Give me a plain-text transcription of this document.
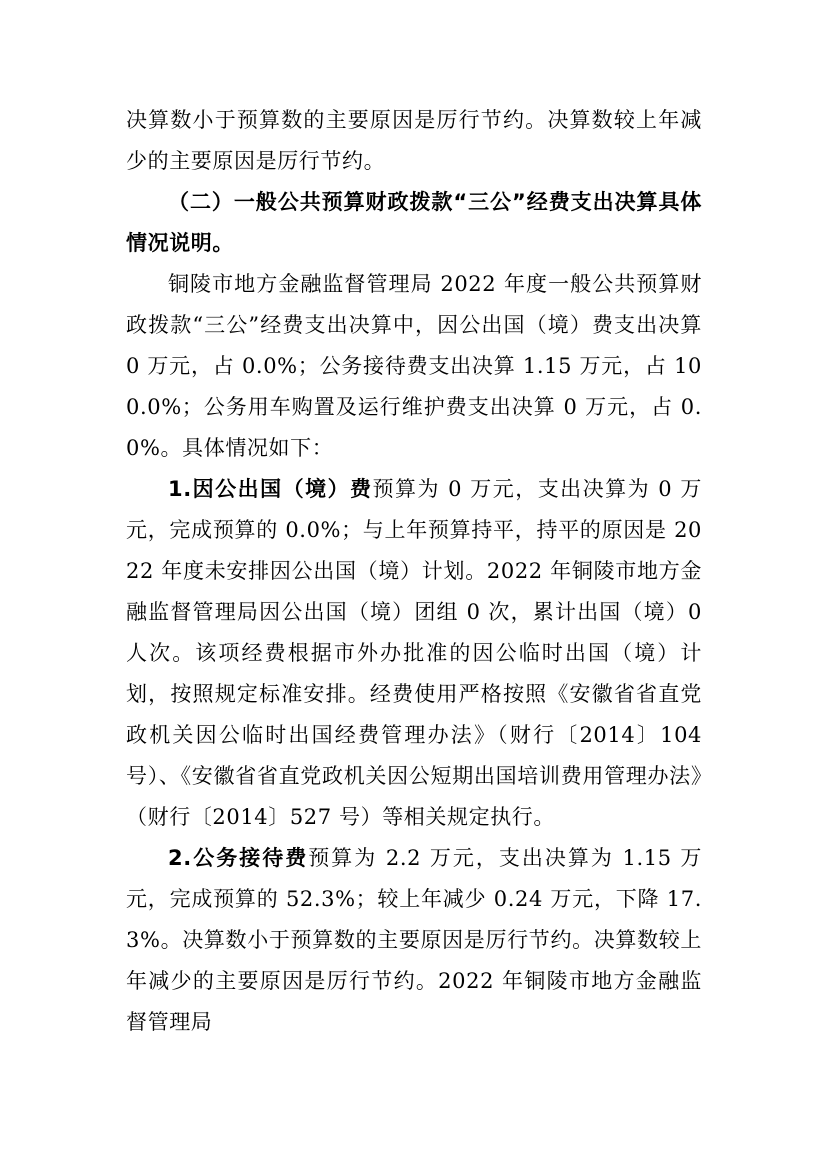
决算数小于预算数的主要原因是厉行节约。决算数较上年减少的主要原因是厉行节约。

（二）一般公共预算财政拨款“三公”经费支出决算具体情况说明。

铜陵市地方金融监督管理局 2022 年度一般公共预算财政拨款“三公”经费支出决算中，因公出国（境）费支出决算 0 万元，占 0.0%；公务接待费支出决算 1.15 万元，占 100.0%；公务用车购置及运行维护费支出决算 0 万元，占 0.0%。具体情况如下：

1.因公出国（境）费预算为 0 万元，支出决算为 0 万元，完成预算的 0.0%；与上年预算持平，持平的原因是 2022 年度未安排因公出国（境）计划。2022 年铜陵市地方金融监督管理局因公出国（境）团组 0 次，累计出国（境）0 人次。该项经费根据市外办批准的因公临时出国（境）计划，按照规定标准安排。经费使用严格按照《安徽省省直党政机关因公临时出国经费管理办法》（财行〔2014〕104 号）、《安徽省省直党政机关因公短期出国培训费用管理办法》（财行〔2014〕527 号）等相关规定执行。

2.公务接待费预算为 2.2 万元，支出决算为 1.15 万元，完成预算的 52.3%；较上年减少 0.24 万元，下降 17.3%。决算数小于预算数的主要原因是厉行节约。决算数较上年减少的主要原因是厉行节约。2022 年铜陵市地方金融监督管理局
